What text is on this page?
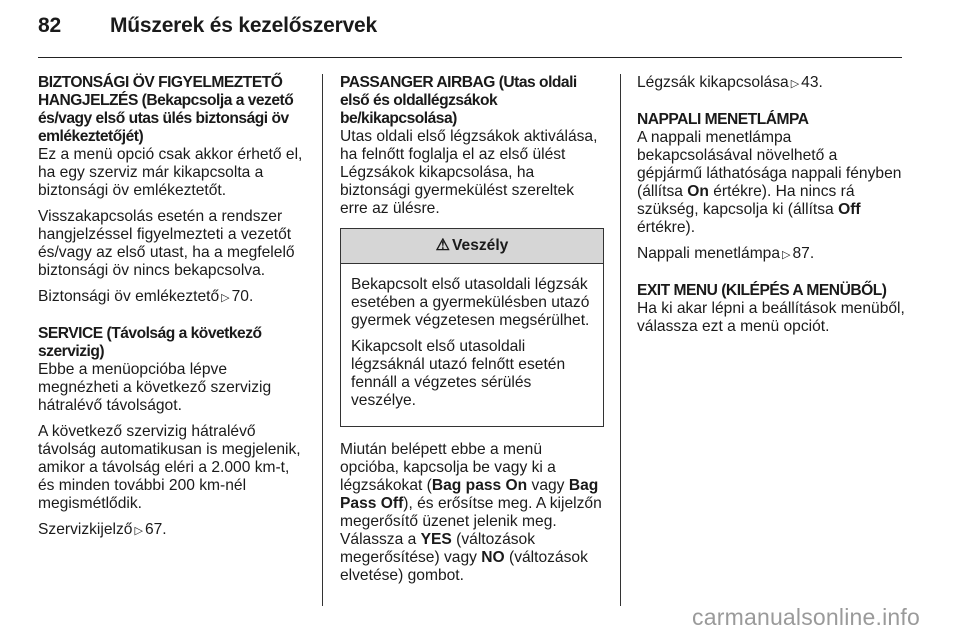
82 Műszerek és kezelőszervek
BIZTONSÁGI ÖV FIGYELMEZTETŐ HANGJELZÉS (Bekapcsolja a vezető és/vagy első utas ülés biztonsági öv emlékeztetőjét)

Ez a menü opció csak akkor érhető el, ha egy szerviz már kikapcsolta a biztonsági öv emlékeztetőt.

Visszakapcsolás esetén a rendszer hangjelzéssel figyelmezteti a vezetőt és/vagy az első utast, ha a megfelelő biztonsági öv nincs bekapcsolva.

Biztonsági öv emlékeztető ▷ 70.

SERVICE (Távolság a következő szervizig)

Ebbe a menüopcióba lépve megnézheti a következő szervizig hátralévő távolságot.

A következő szervizig hátralévő távolság automatikusan is megjelenik, amikor a távolság eléri a 2.000 km-t, és minden további 200 km-nél megismétlődik.

Szervizkijelző ▷ 67.

PASSANGER AIRBAG (Utas oldali első és oldallégzsákok be/kikapcsolása)

Utas oldali első légzsákok aktiválása, ha felnőtt foglalja el az első ülést Légzsákok kikapcsolása, ha biztonsági gyermekülést szereltek erre az ülésre.

⚠ Veszély

Bekapcsolt első utasoldali légzsák esetében a gyermekülésben utazó gyermek végzetesen megsérülhet.

Kikapcsolt első utasoldali légzsáknál utazó felnőtt esetén fennáll a végzetes sérülés veszélye.

Miután belépett ebbe a menü opcióba, kapcsolja be vagy ki a légzsákokat (Bag pass On vagy Bag Pass Off), és erősítse meg. A kijelzőn megerősítő üzenet jelenik meg. Válassza a YES (változások megerősítése) vagy NO (változások elvetése) gombot.

Légzsák kikapcsolása ▷ 43.

NAPPALI MENETLÁMPA

A nappali menetlámpa bekapcsolásával növelhető a gépjármű láthatósága nappali fényben (állítsa On értékre). Ha nincs rá szükség, kapcsolja ki (állítsa Off értékre).

Nappali menetlámpa ▷ 87.

EXIT MENU (KILÉPÉS A MENÜBŐL)

Ha ki akar lépni a beállítások menüből, válassza ezt a menü opciót.

carmanualsonline.info
